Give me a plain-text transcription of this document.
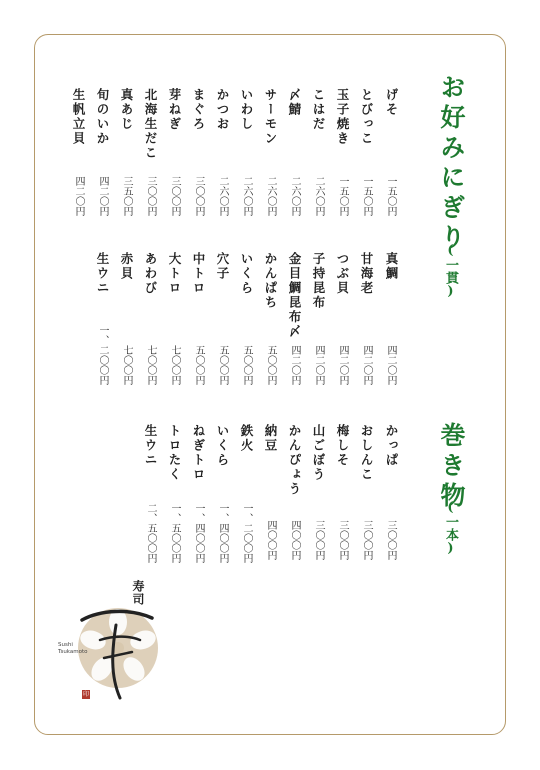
お好みにぎり
(一貫)
巻き物
(一本)
げそ
とびっこ
玉子焼き
こはだ
〆鯖
サーモン
いわし
かつお
まぐろ
芽ねぎ
北海生だこ
真あじ
旬のいか
生帆立貝
一五〇円
一五〇円
一五〇円
二六〇円
二六〇円
二六〇円
二六〇円
二六〇円
三〇〇円
三〇〇円
三〇〇円
三五〇円
四二〇円
四二〇円
真鯛
甘海老
つぶ貝
子持昆布
金目鯛昆布〆
かんぱち
いくら
穴子
中トロ
大トロ
あわび
赤貝
生ウニ
四二〇円
四二〇円
四二〇円
四二〇円
四二〇円
五〇〇円
五〇〇円
五〇〇円
五〇〇円
七〇〇円
七〇〇円
七〇〇円
一、二〇〇円
かっぱ
おしんこ
梅しそ
山ごぼう
かんぴょう
納豆
鉄火
いくら
ねぎトロ
トロたく
生ウニ
三〇〇円
三〇〇円
三〇〇円
三〇〇円
四〇〇円
四〇〇円
一、二〇〇円
一、四〇〇円
一、四〇〇円
一、五〇〇円
二、五〇〇円
寿司
Sushi
Tsukamoto
印
